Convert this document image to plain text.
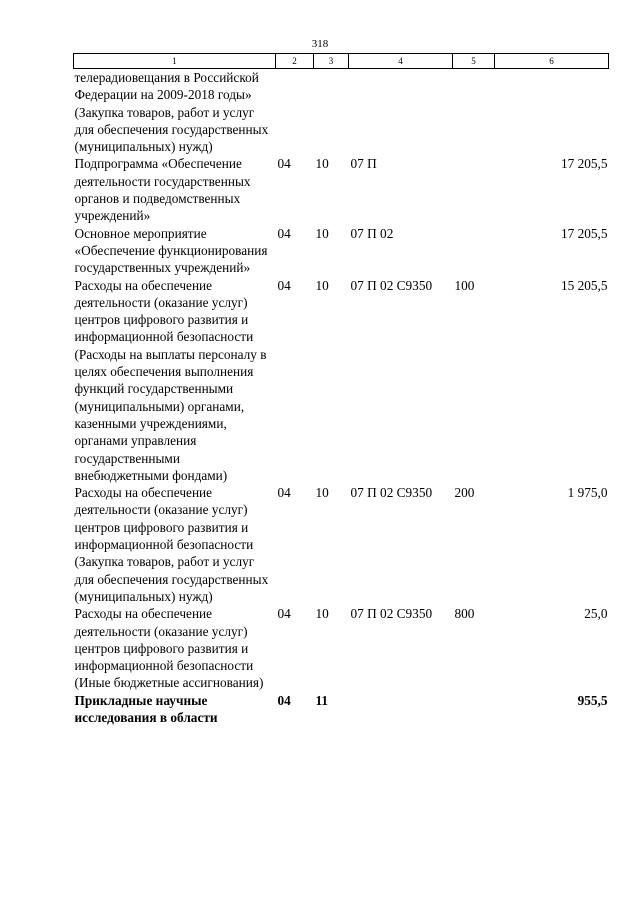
318
1	2	3	4	5	6
телерадиовещания в Российской Федерации на 2009-2018 годы» (Закупка товаров, работ и услуг для обеспечения государственных (муниципальных) нужд)					
Подпрограмма «Обеспечение деятельности государственных органов и подведомственных учреждений»	04	10	07 П		17 205,5
Основное мероприятие «Обеспечение функционирования государственных учреждений»	04	10	07 П 02		17 205,5
Расходы на обеспечение деятельности (оказание услуг) центров цифрового развития и информационной безопасности (Расходы на выплаты персоналу в целях обеспечения выполнения функций государственными (муниципальными) органами, казенными учреждениями, органами управления государственными внебюджетными фондами)	04	10	07 П 02 С9350	100	15 205,5
Расходы на обеспечение деятельности (оказание услуг) центров цифрового развития и информационной безопасности (Закупка товаров, работ и услуг для обеспечения государственных (муниципальных) нужд)	04	10	07 П 02 С9350	200	1 975,0
Расходы на обеспечение деятельности (оказание услуг) центров цифрового развития и информационной безопасности (Иные бюджетные ассигнования)	04	10	07 П 02 С9350	800	25,0
Прикладные научные исследования в области	04	11			955,5
